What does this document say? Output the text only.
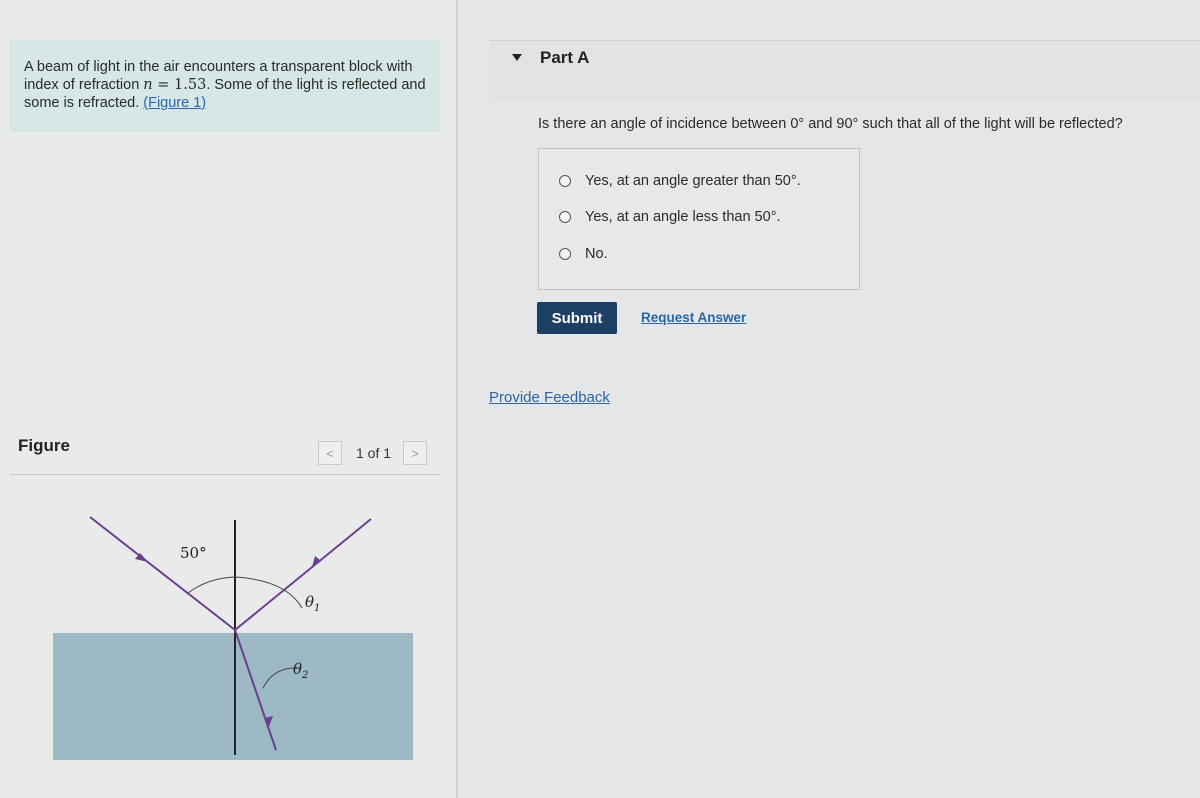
A beam of light in the air encounters a transparent block with index of refraction n = 1.53. Some of the light is reflected and some is refracted. (Figure 1)
Figure	< 1 of 1 >
50°
$\theta_1$
$\theta_2$
Part A
Is there an angle of incidence between 0° and 90° such that all of the light will be reflected?
Yes, at an angle greater than 50°.
Yes, at an angle less than 50°.
No.
Submit	Request Answer
Provide Feedback
